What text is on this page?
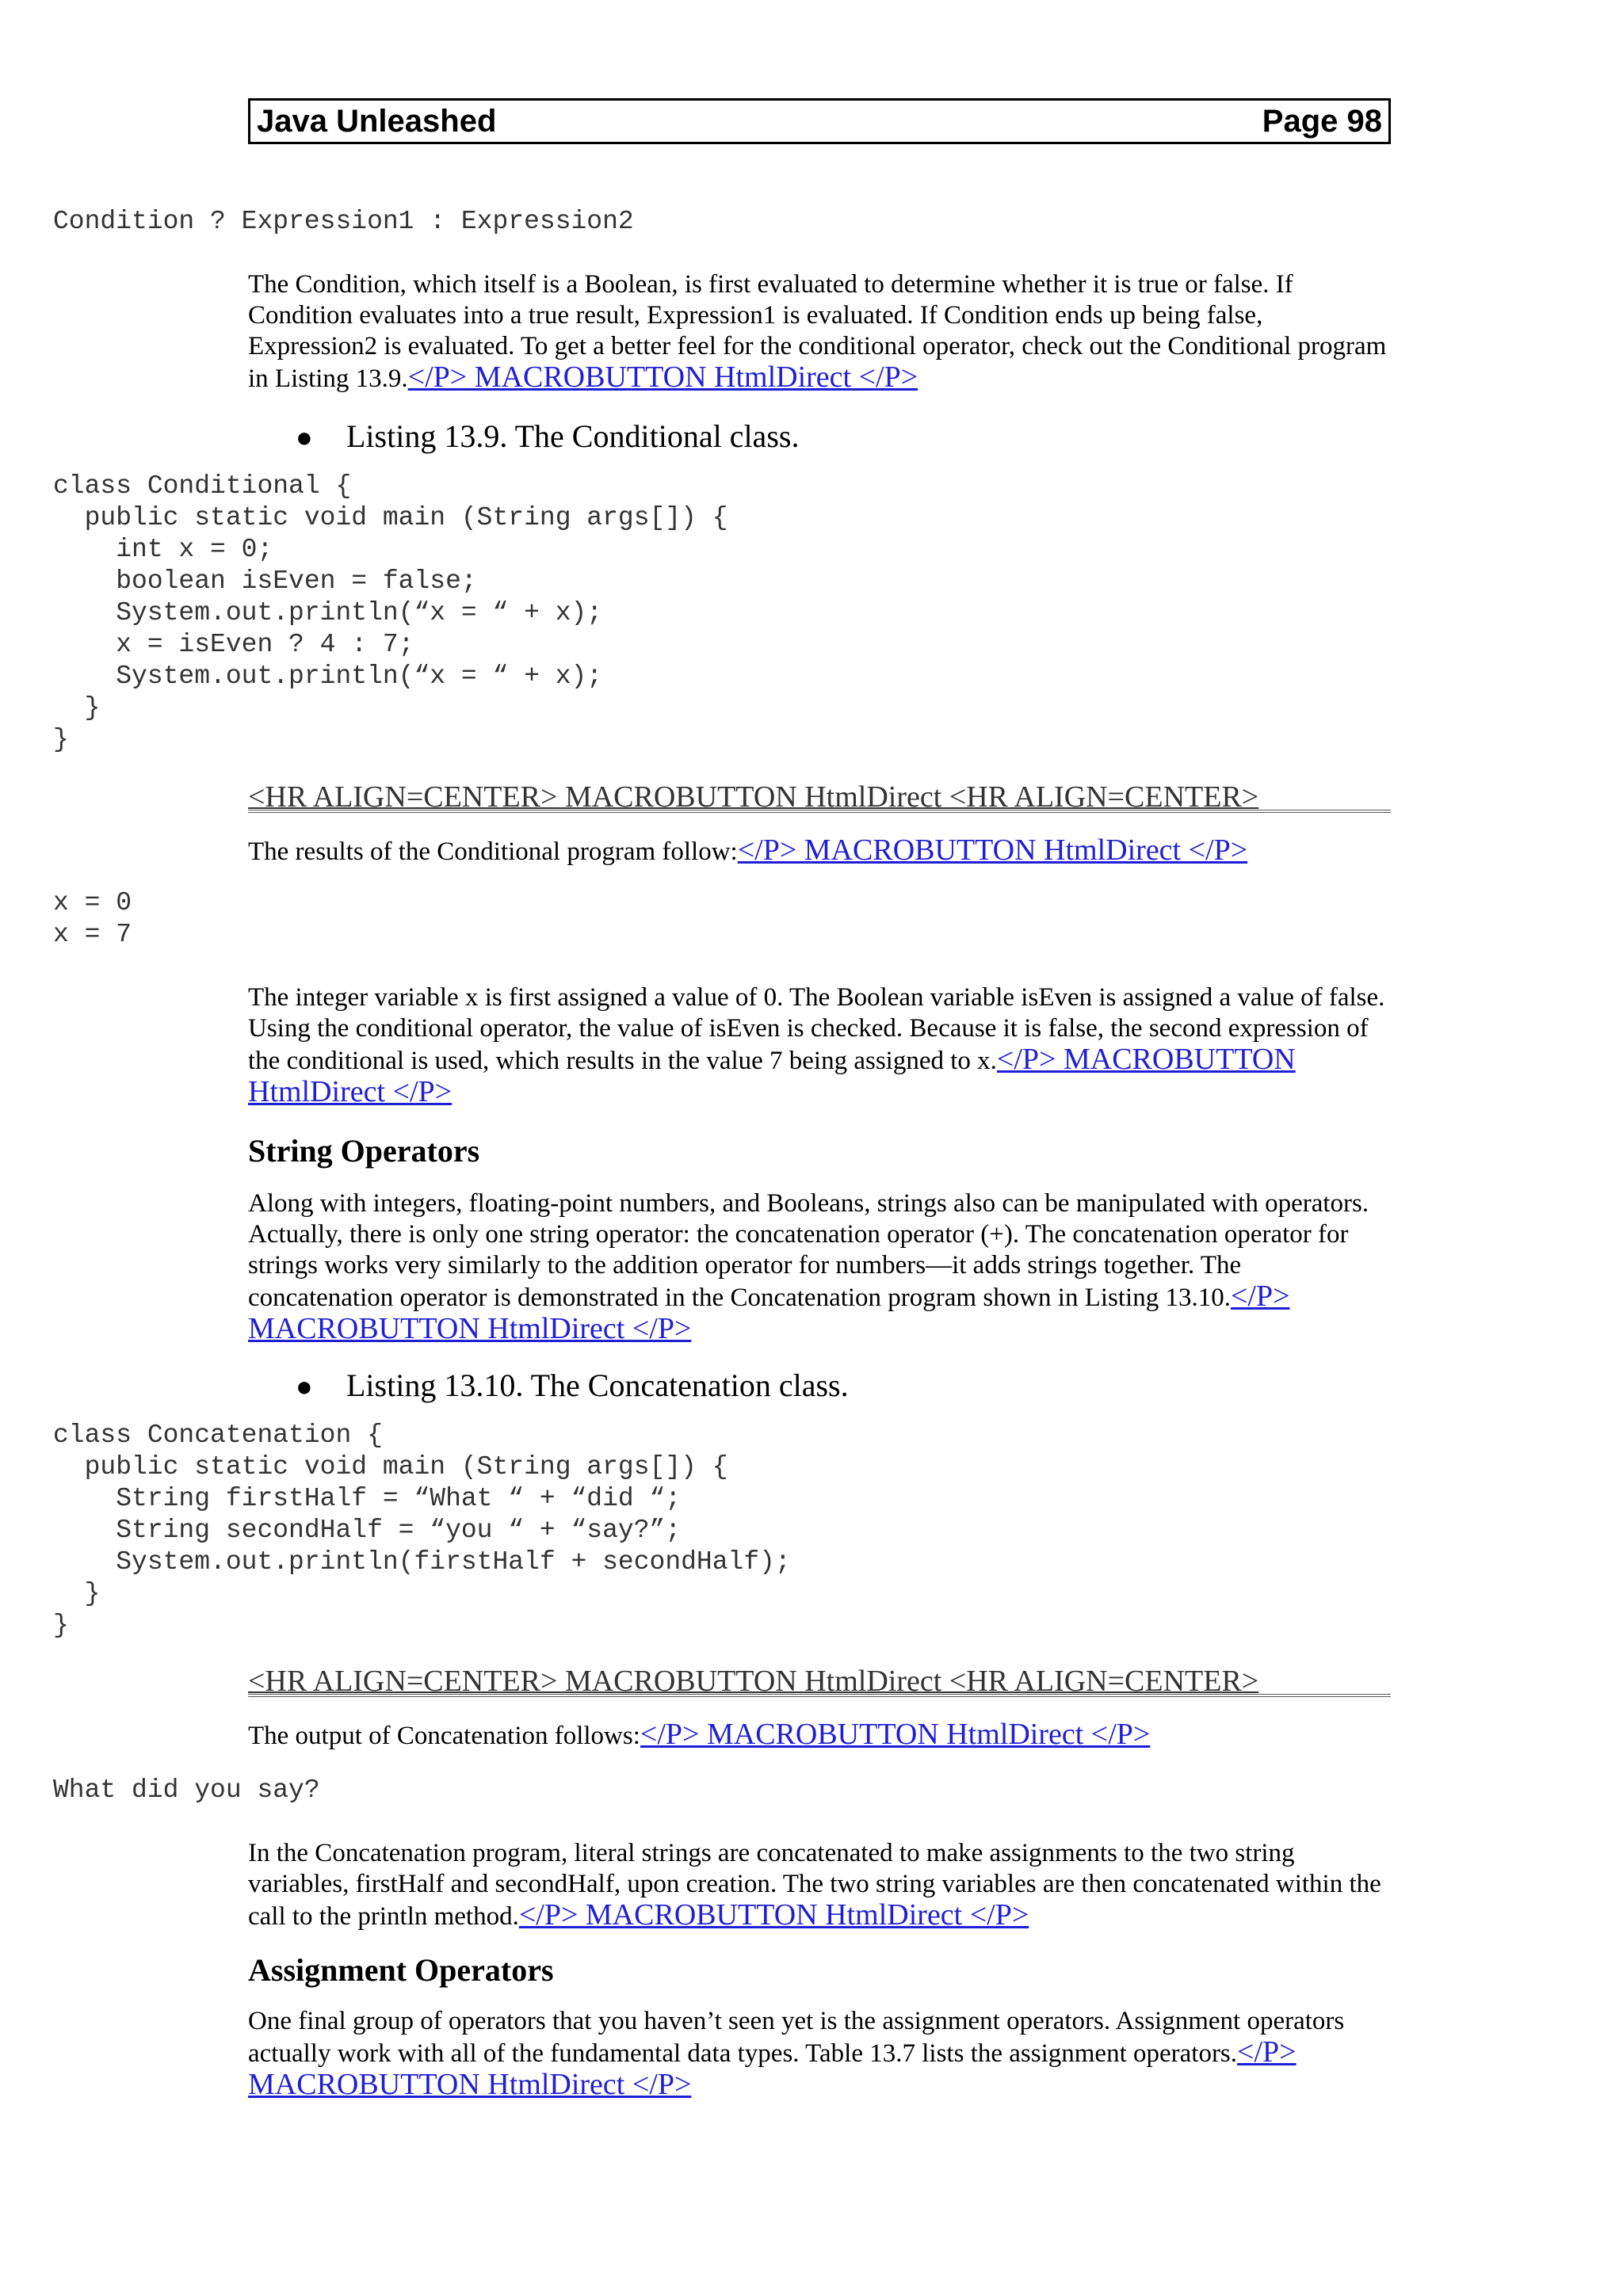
Java Unleashed	Page 98
Condition ? Expression1 : Expression2

The Condition, which itself is a Boolean, is first evaluated to determine whether it is true or false. If Condition evaluates into a true result, Expression1 is evaluated. If Condition ends up being false, Expression2 is evaluated. To get a better feel for the conditional operator, check out the Conditional program in Listing 13.9.</P> MACROBUTTON HtmlDirect </P>

● Listing 13.9. The Conditional class.

class Conditional {
public static void main (String args[]) {
int x = 0;
boolean isEven = false;
System.out.println(“x = “ + x);
x = isEven ? 4 : 7;
System.out.println(“x = “ + x);
}
}
<HR ALIGN=CENTER> MACROBUTTON HtmlDirect <HR ALIGN=CENTER>

The results of the Conditional program follow:</P> MACROBUTTON HtmlDirect </P>

x = 0
x = 7

The integer variable x is first assigned a value of 0. The Boolean variable isEven is assigned a value of false. Using the conditional operator, the value of isEven is checked. Because it is false, the second expression of the conditional is used, which results in the value 7 being assigned to x.</P> MACROBUTTON HtmlDirect </P>

String Operators

Along with integers, floating-point numbers, and Booleans, strings also can be manipulated with operators. Actually, there is only one string operator: the concatenation operator (+). The concatenation operator for strings works very similarly to the addition operator for numbers—it adds strings together. The concatenation operator is demonstrated in the Concatenation program shown in Listing 13.10.</P> MACROBUTTON HtmlDirect </P>

● Listing 13.10. The Concatenation class.

class Concatenation {
public static void main (String args[]) {
String firstHalf = “What “ + “did “;
String secondHalf = “you “ + “say?”;
System.out.println(firstHalf + secondHalf);
}
}
<HR ALIGN=CENTER> MACROBUTTON HtmlDirect <HR ALIGN=CENTER>

The output of Concatenation follows:</P> MACROBUTTON HtmlDirect </P>

What did you say?

In the Concatenation program, literal strings are concatenated to make assignments to the two string variables, firstHalf and secondHalf, upon creation. The two string variables are then concatenated within the call to the println method.</P> MACROBUTTON HtmlDirect </P>

Assignment Operators

One final group of operators that you haven’t seen yet is the assignment operators. Assignment operators actually work with all of the fundamental data types. Table 13.7 lists the assignment operators.</P> MACROBUTTON HtmlDirect </P>
